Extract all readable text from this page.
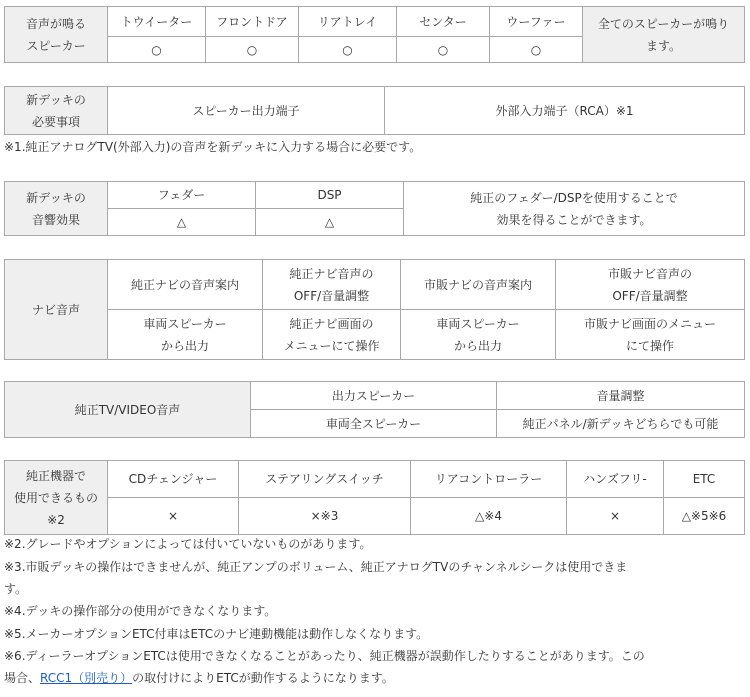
音声が鳴る
スピーカー	トウイーター	フロントドア	リアトレイ	センター	ウーファー	全てのスピーカーが鳴り
ます。
	○	○	○	○	○	
新デッキの
必要事項	スピーカー出力端子	外部入力端子（RCA）※1
※1.純正アナログTV(外部入力)の音声を新デッキに入力する場合に必要です。
新デッキの
音響効果	フェダー	DSP	純正のフェダー/DSPを使用することで
効果を得ることができます。
	△	△	
ナビ音声	純正ナビの音声案内	純正ナビ音声の
OFF/音量調整	市販ナビの音声案内	市販ナビ音声の
OFF/音量調整
	車両スピーカー
から出力	純正ナビ画面の
メニューにて操作	車両スピーカー
から出力	市販ナビ画面のメニュー
にて操作
純正TV/VIDEO音声	出力スピーカー	音量調整
	車両全スピーカー	純正パネル/新デッキどちらでも可能
純正機器で
使用できるもの
※2	CDチェンジャー	ステアリングスイッチ	リアコントローラー	ハンズフリ-	ETC
	×	×※3	△※4	×	△※5※6
※2.グレードやオプションによっては付いていないものがあります。
※3.市販デッキの操作はできませんが、純正アンプのボリューム、純正アナログTVのチャンネルシークは使用できま
す。
※4.デッキの操作部分の使用ができなくなります。
※5.メーカーオプションETC付車はETCのナビ連動機能は動作しなくなります。
※6.ディーラーオプションETCは使用できなくなることがあったり、純正機器が誤動作したりすることがあります。この
場合、RCC1（別売り）の取付けによりETCが動作するようになります。
